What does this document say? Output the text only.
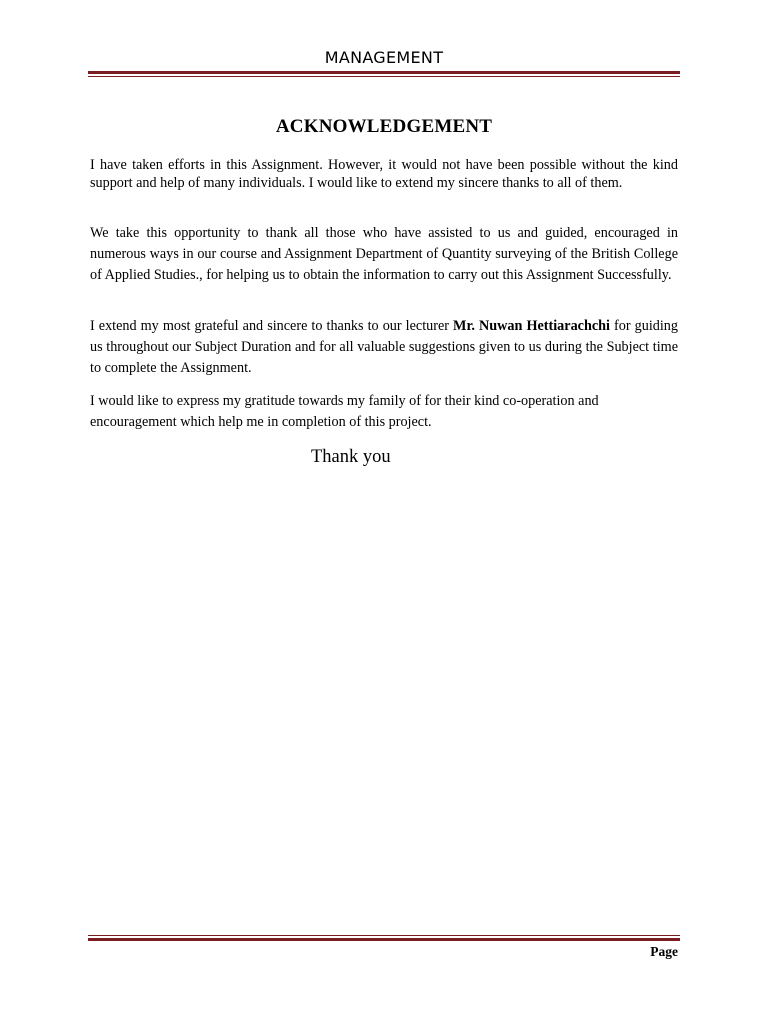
MANAGEMENT
ACKNOWLEDGEMENT
I have taken efforts in this Assignment. However, it would not have been possible without the kind support and help of many individuals. I would like to extend my sincere thanks to all of them.
We take this opportunity to thank all those who have assisted to us and guided, encouraged in numerous ways in our course and Assignment Department of Quantity surveying of the British College of Applied Studies., for helping us to obtain the information to carry out this Assignment Successfully.
I extend my most grateful and sincere to thanks to our lecturer Mr. Nuwan Hettiarachchi for guiding us throughout our Subject Duration and for all valuable suggestions given to us during the Subject time to complete the Assignment.
I would like to express my gratitude towards my family of for their kind co-operation and encouragement which help me in completion of this project.
Thank you
Page
